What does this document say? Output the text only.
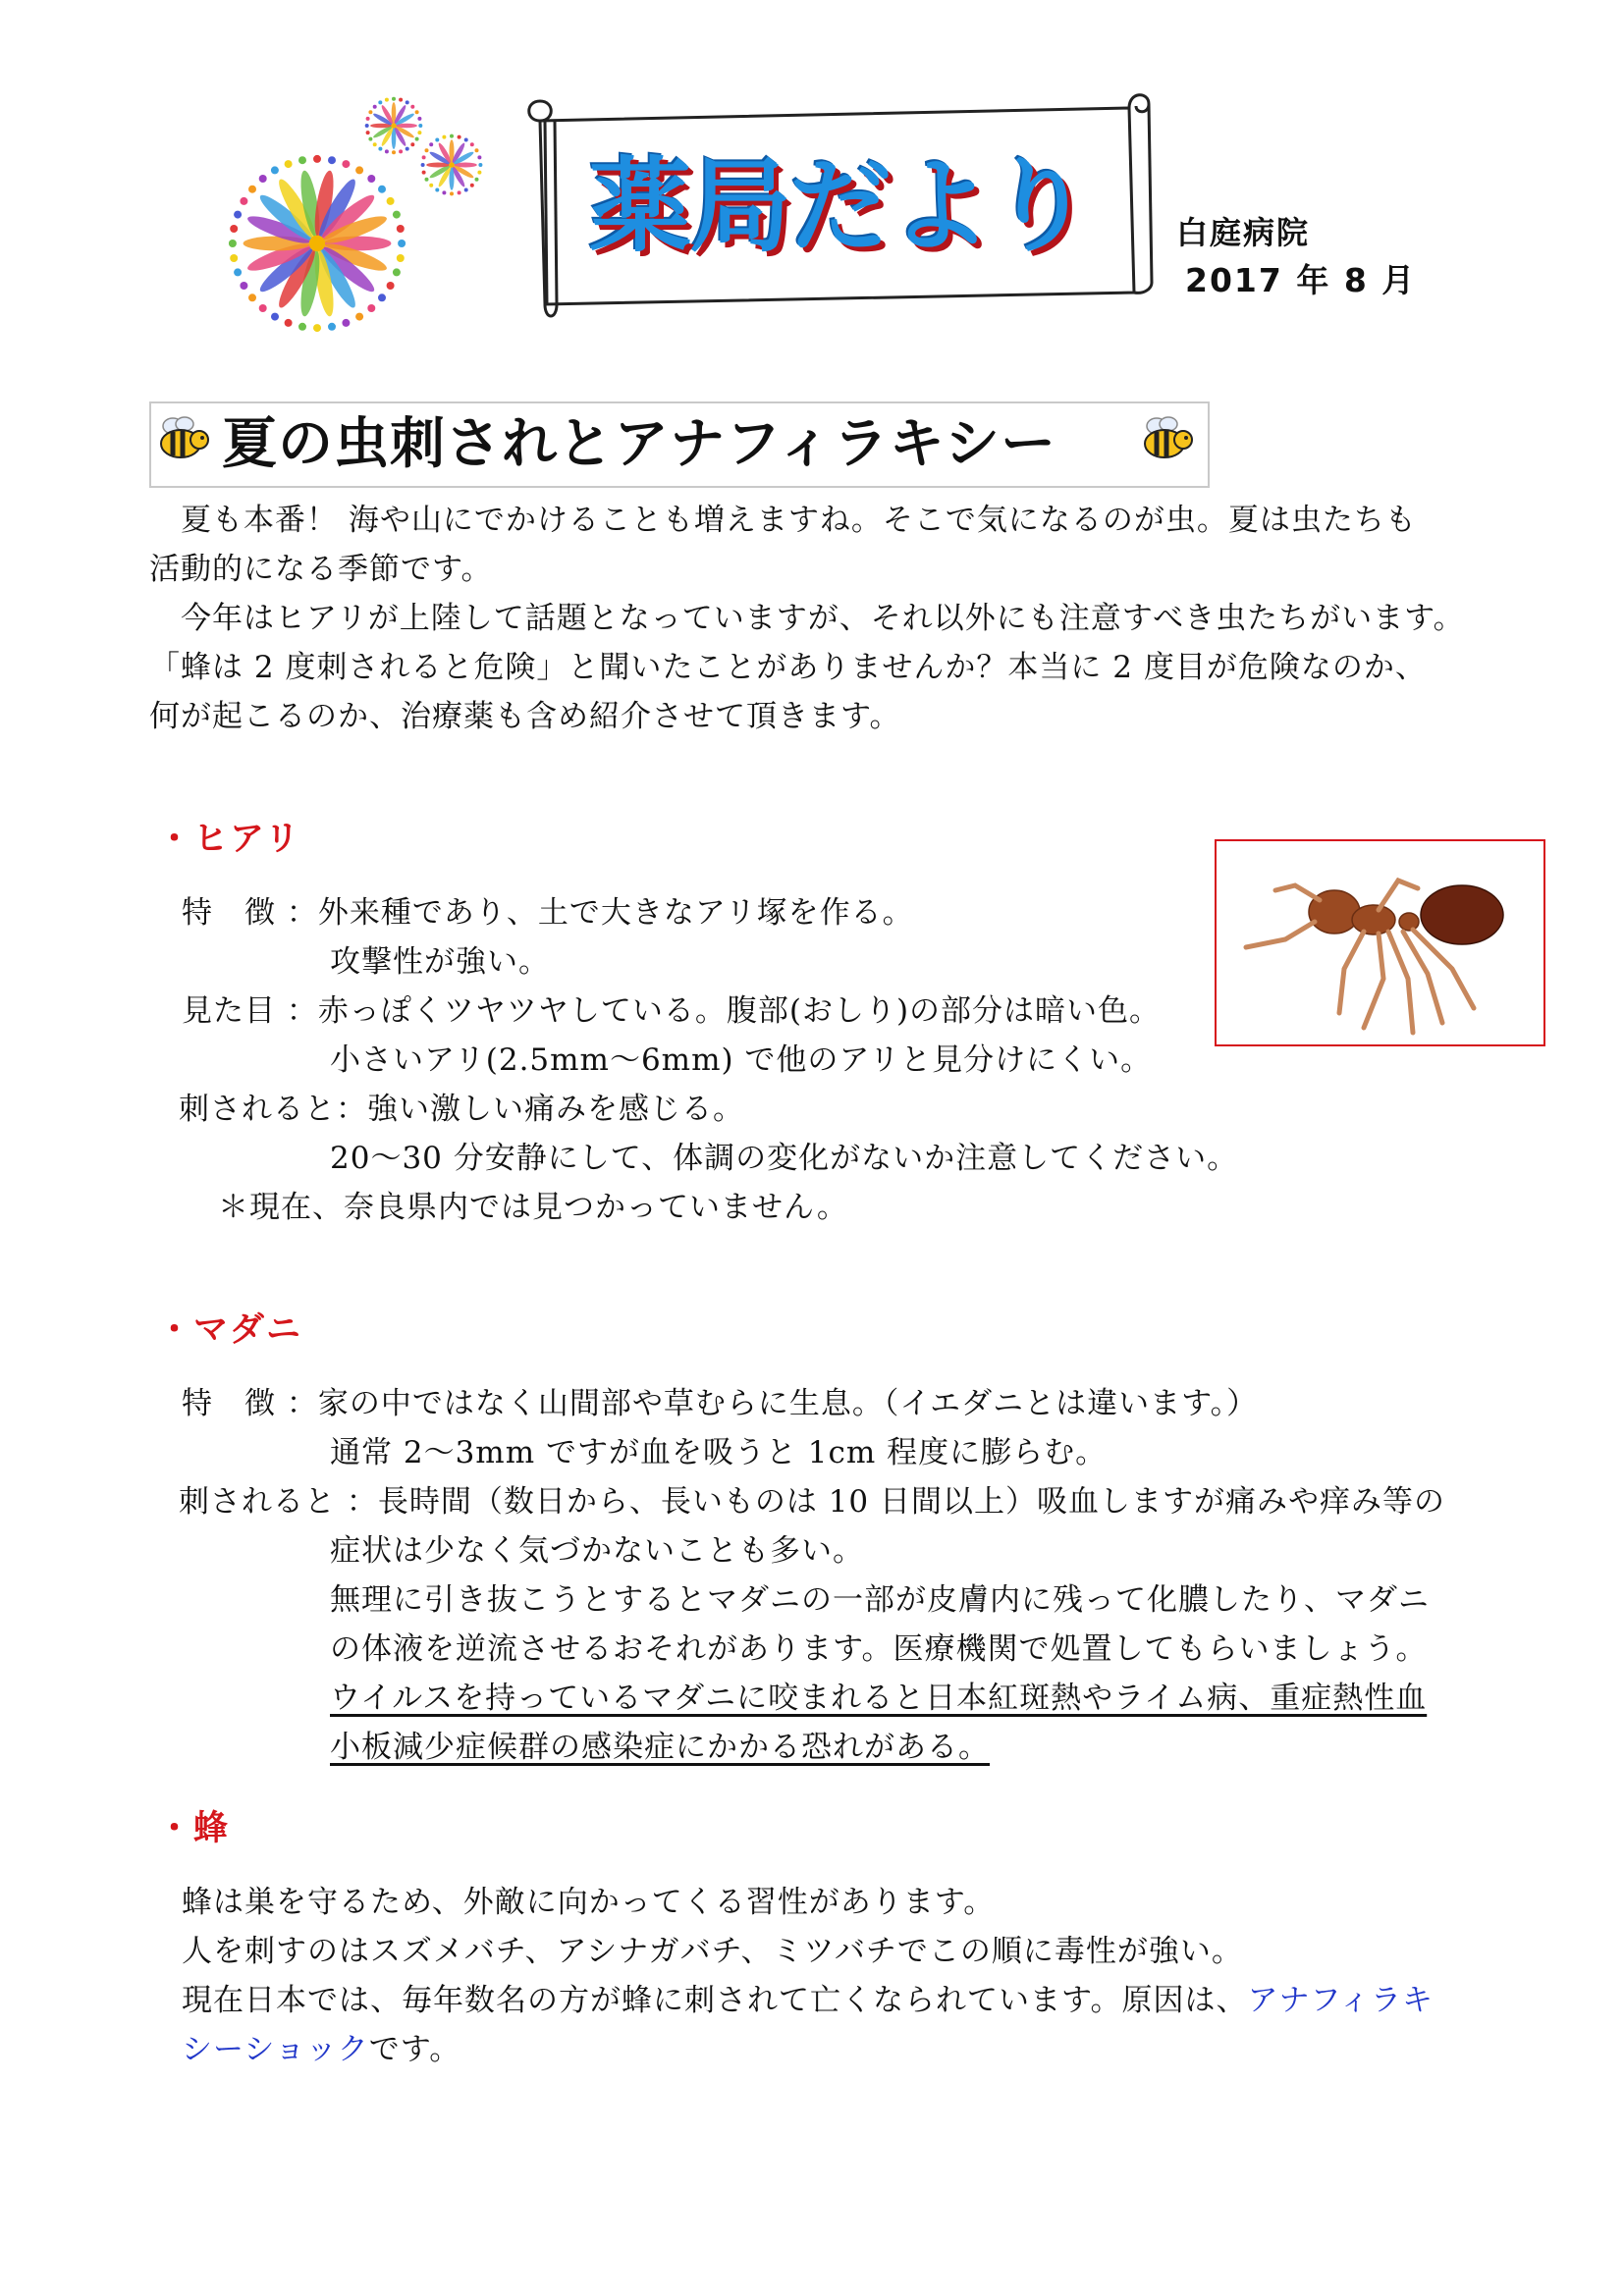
薬局だより	白庭病院
2017 年 8 月
夏の虫刺されとアナフィラキシー
　夏も本番！ 海や山にでかけることも増えますね。そこで気になるのが虫。夏は虫たちも
活動的になる季節です。
　今年はヒアリが上陸して話題となっていますが、それ以外にも注意すべき虫たちがいます。
「蜂は 2 度刺されると危険」と聞いたことがありませんか？本当に 2 度目が危険なのか、
何が起こるのか、治療薬も含め紹介させて頂きます。
・ヒアリ
特　徴 ：外来種であり、土で大きなアリ塚を作る。
攻撃性が強い。
見た目 ：赤っぽくツヤツヤしている。腹部(おしり)の部分は暗い色。
小さいアリ(2.5mm～6mm) で他のアリと見分けにくい。
刺されると：強い激しい痛みを感じる。
20～30 分安静にして、体調の変化がないか注意してください。
＊現在、奈良県内では見つかっていません。
・マダニ
特　徴 ：家の中ではなく山間部や草むらに生息。（イエダニとは違います。）
通常 2～3mm ですが血を吸うと 1cm 程度に膨らむ。
刺されると ：長時間（数日から、長いものは 10 日間以上）吸血しますが痛みや痒み等の
症状は少なく気づかないことも多い。
無理に引き抜こうとするとマダニの一部が皮膚内に残って化膿したり、マダニ
の体液を逆流させるおそれがあります。医療機関で処置してもらいましょう。
ウイルスを持っているマダニに咬まれると日本紅斑熱やライム病、重症熱性血
小板減少症候群の感染症にかかる恐れがある。
・蜂
蜂は巣を守るため、外敵に向かってくる習性があります。
人を刺すのはスズメバチ、アシナガバチ、ミツバチでこの順に毒性が強い。
現在日本では、毎年数名の方が蜂に刺されて亡くなられています。原因は、アナフィラキ
シーショックです。
